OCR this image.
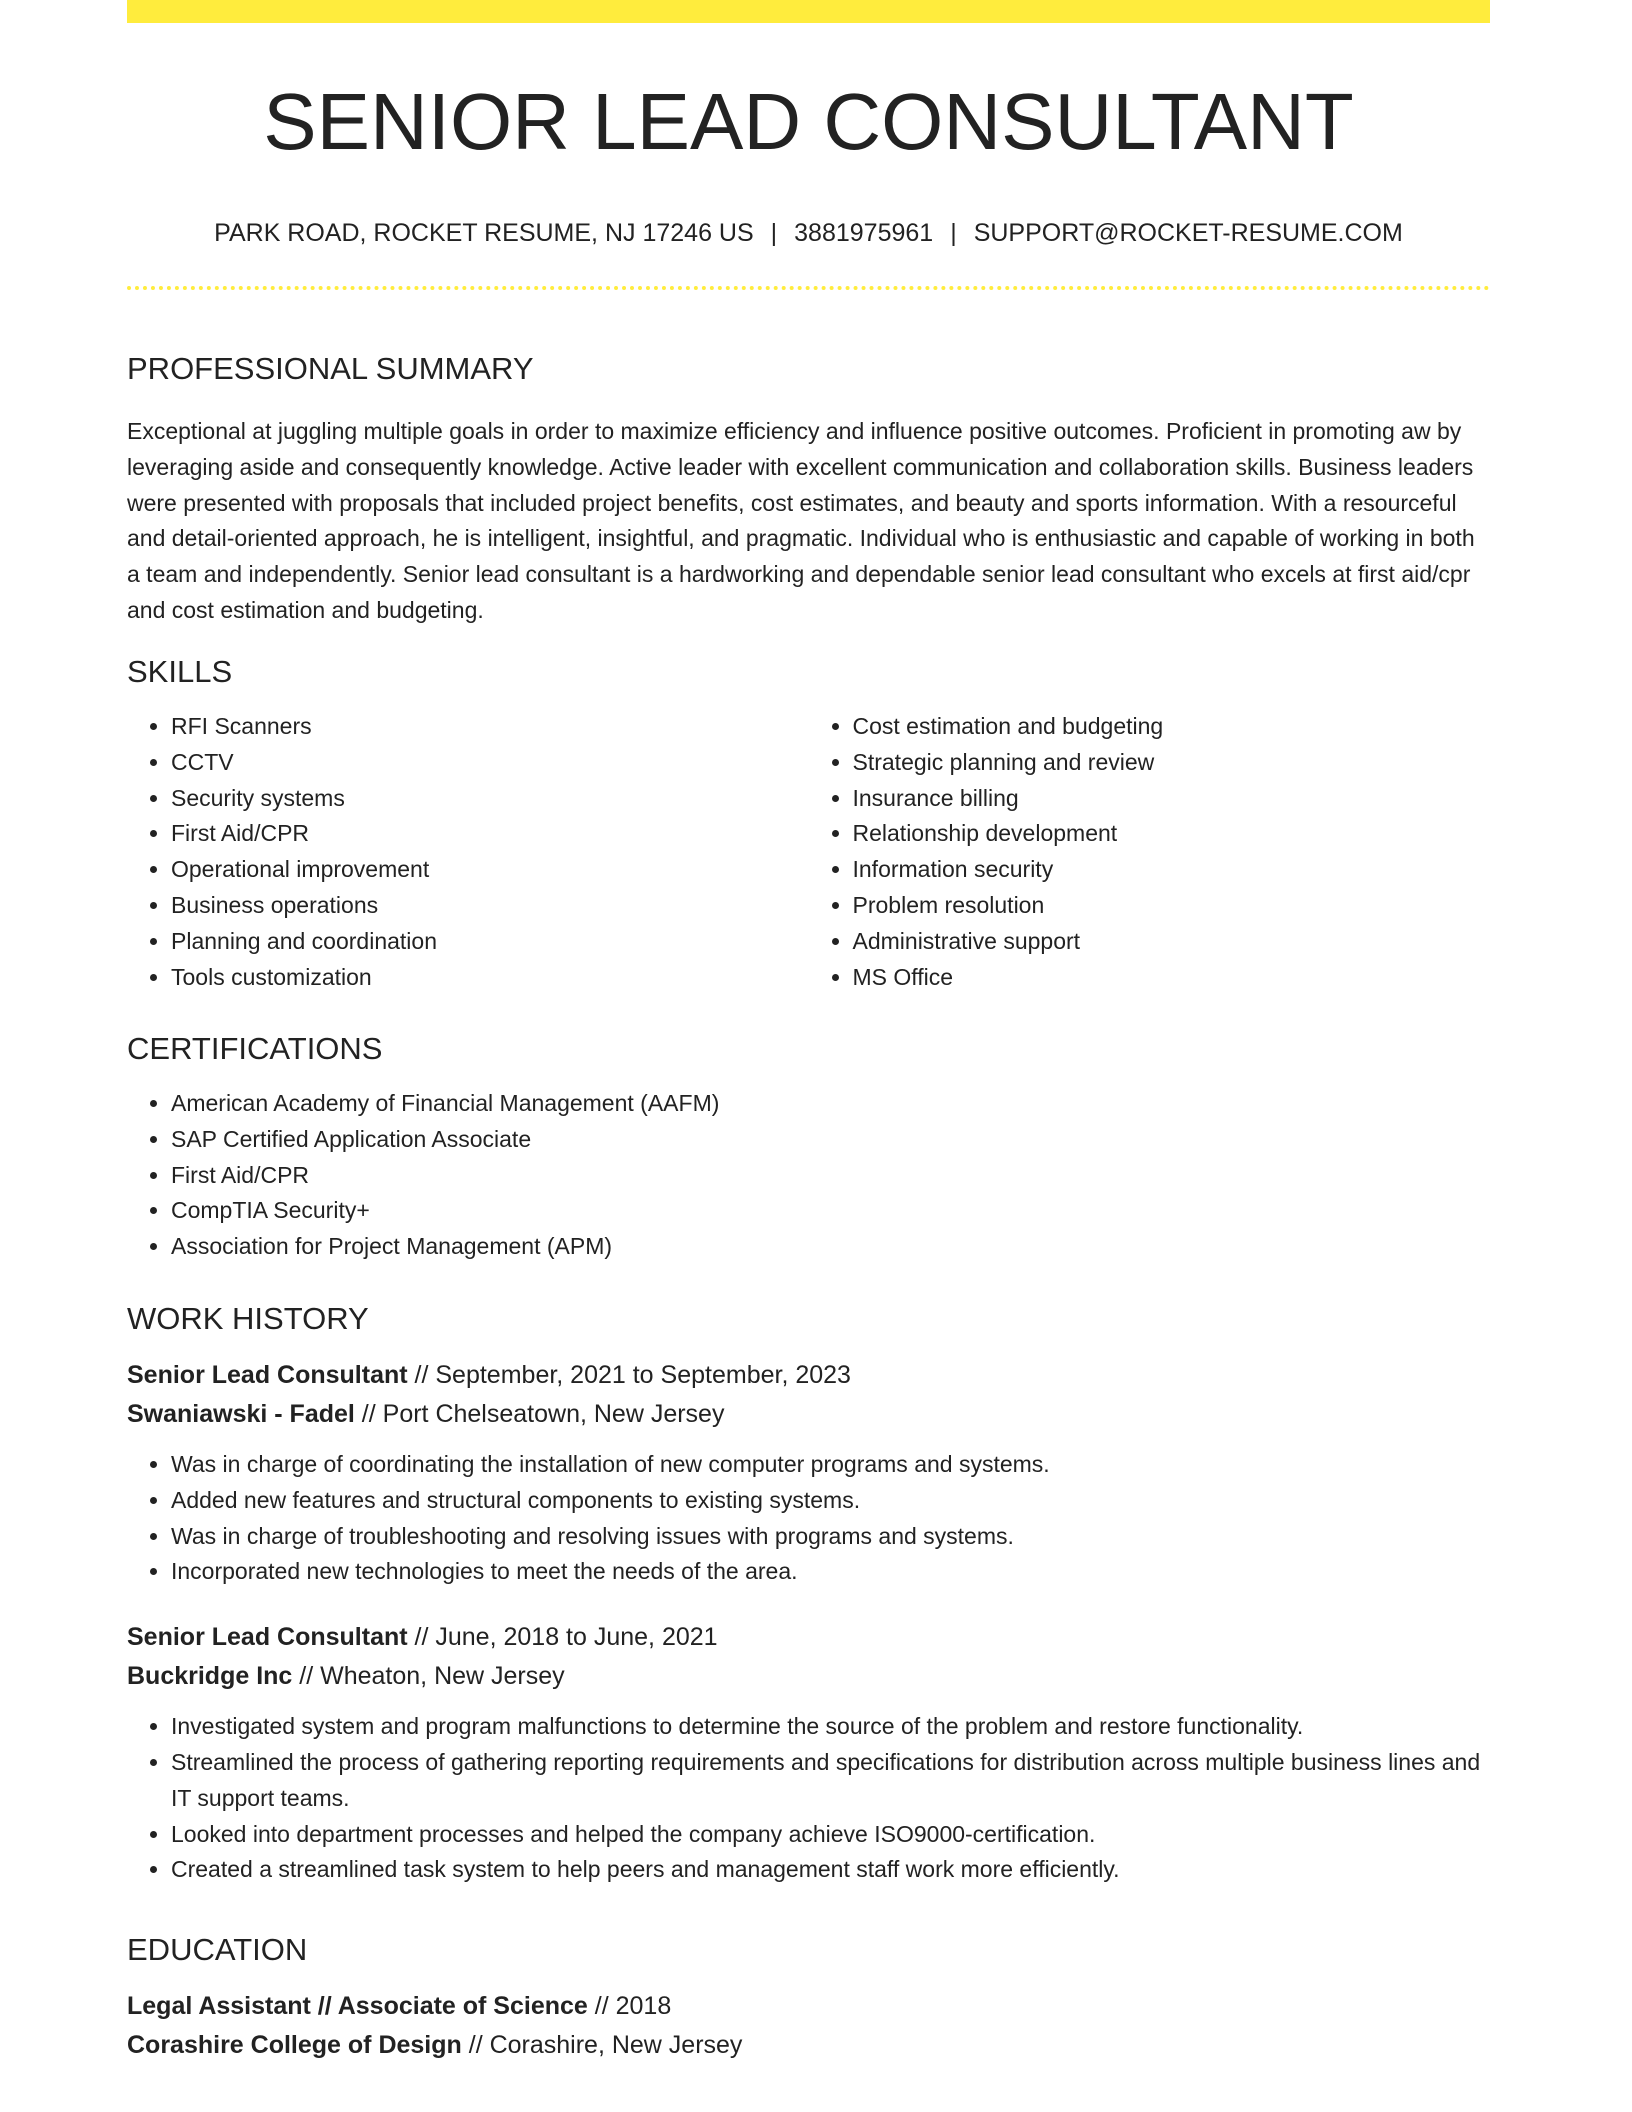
SENIOR LEAD CONSULTANT
PARK ROAD, ROCKET RESUME, NJ 17246 US | 3881975961 | SUPPORT@ROCKET-RESUME.COM
PROFESSIONAL SUMMARY

Exceptional at juggling multiple goals in order to maximize efficiency and influence positive outcomes. Proficient in promoting aw by leveraging aside and consequently knowledge. Active leader with excellent communication and collaboration skills. Business leaders were presented with proposals that included project benefits, cost estimates, and beauty and sports information. With a resourceful and detail-oriented approach, he is intelligent, insightful, and pragmatic. Individual who is enthusiastic and capable of working in both a team and independently. Senior lead consultant is a hardworking and dependable senior lead consultant who excels at first aid/cpr and cost estimation and budgeting.

SKILLS
• RFI Scanners
• CCTV
• Security systems
• First Aid/CPR
• Operational improvement
• Business operations
• Planning and coordination
• Tools customization
• Cost estimation and budgeting
• Strategic planning and review
• Insurance billing
• Relationship development
• Information security
• Problem resolution
• Administrative support
• MS Office
CERTIFICATIONS
• American Academy of Financial Management (AAFM)
• SAP Certified Application Associate
• First Aid/CPR
• CompTIA Security+
• Association for Project Management (APM)
WORK HISTORY
Senior Lead Consultant // September, 2021 to September, 2023
Swaniawski - Fadel // Port Chelseatown, New Jersey
• Was in charge of coordinating the installation of new computer programs and systems.
• Added new features and structural components to existing systems.
• Was in charge of troubleshooting and resolving issues with programs and systems.
• Incorporated new technologies to meet the needs of the area.
Senior Lead Consultant // June, 2018 to June, 2021
Buckridge Inc // Wheaton, New Jersey
• Investigated system and program malfunctions to determine the source of the problem and restore functionality.
• Streamlined the process of gathering reporting requirements and specifications for distribution across multiple business lines and IT support teams.
• Looked into department processes and helped the company achieve ISO9000-certification.
• Created a streamlined task system to help peers and management staff work more efficiently.
EDUCATION
Legal Assistant // Associate of Science // 2018
Corashire College of Design // Corashire, New Jersey
